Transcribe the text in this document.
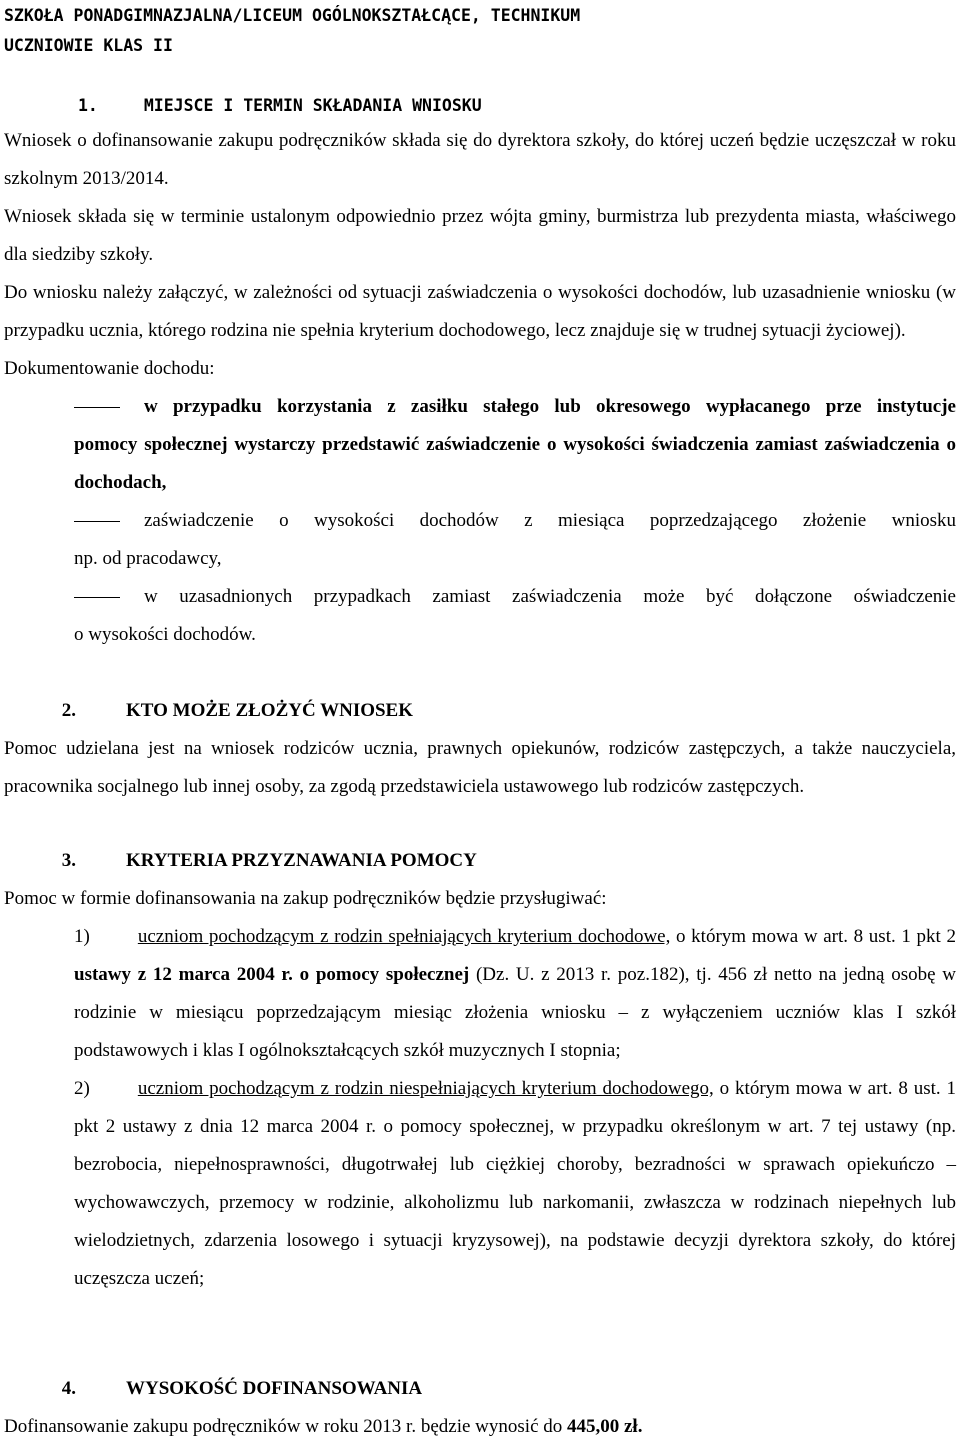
SZKOŁA PONADGIMNAZJALNA/LICEUM OGÓLNOKSZTAŁCĄCE, TECHNIKUM
UCZNIOWIE KLAS II
1.	MIEJSCE I TERMIN SKŁADANIA WNIOSKU

Wniosek o dofinansowanie zakupu podręczników składa się do dyrektora szkoły, do której uczeń będzie uczęszczał w roku szkolnym 2013/2014.

Wniosek składa się w terminie ustalonym odpowiednio przez wójta gminy, burmistrza lub prezydenta miasta, właściwego dla siedziby szkoły.

Do wniosku należy załączyć, w zależności od sytuacji zaświadczenia o wysokości dochodów, lub uzasadnienie wniosku (w przypadku ucznia, którego rodzina nie spełnia kryterium dochodowego, lecz znajduje się w trudnej sytuacji życiowej).

Dokumentowanie dochodu:

w przypadku korzystania z zasiłku stałego lub okresowego wypłacanego prze instytucje
pomocy społecznej wystarczy przedstawić zaświadczenie o wysokości świadczenia zamiast zaświadczenia o dochodach,
zaświadczenie o wysokości dochodów z miesiąca poprzedzającego złożenie wniosku
np. od pracodawcy,
w uzasadnionych przypadkach zamiast zaświadczenia może być dołączone oświadczenie
o wysokości dochodów.
2.	KTO MOŻE ZŁOŻYĆ WNIOSEK

Pomoc udzielana jest na wniosek rodziców ucznia, prawnych opiekunów, rodziców zastępczych, a także nauczyciela, pracownika socjalnego lub innej osoby, za zgodą przedstawiciela ustawowego lub rodziców zastępczych.

3.	KRYTERIA PRZYZNAWANIA POMOCY

Pomoc w formie dofinansowania na zakup podręczników będzie przysługiwać:

1)	uczniom pochodzącym z rodzin spełniających kryterium dochodowe, o którym mowa w art. 8 ust. 1 pkt 2 ustawy z 12 marca 2004 r. o pomocy społecznej (Dz. U. z 2013 r. poz.182), tj. 456 zł netto na jedną osobę w rodzinie w miesiącu poprzedzającym miesiąc złożenia wniosku – z wyłączeniem uczniów klas I szkół podstawowych i klas I ogólnokształcących szkół muzycznych I stopnia;

2)	uczniom pochodzącym z rodzin niespełniających kryterium dochodowego, o którym mowa w art. 8 ust. 1 pkt 2 ustawy z dnia 12 marca 2004 r. o pomocy społecznej, w przypadku określonym w art. 7 tej ustawy (np. bezrobocia, niepełnosprawności, długotrwałej lub ciężkiej choroby, bezradności w sprawach opiekuńczo – wychowawczych, przemocy w rodzinie, alkoholizmu lub narkomanii, zwłaszcza w rodzinach niepełnych lub wielodzietnych, zdarzenia losowego i sytuacji kryzysowej), na podstawie decyzji dyrektora szkoły, do której uczęszcza uczeń;

4.	WYSOKOŚĆ DOFINANSOWANIA

Dofinansowanie zakupu podręczników w roku 2013 r. będzie wynosić do 445,00 zł.
